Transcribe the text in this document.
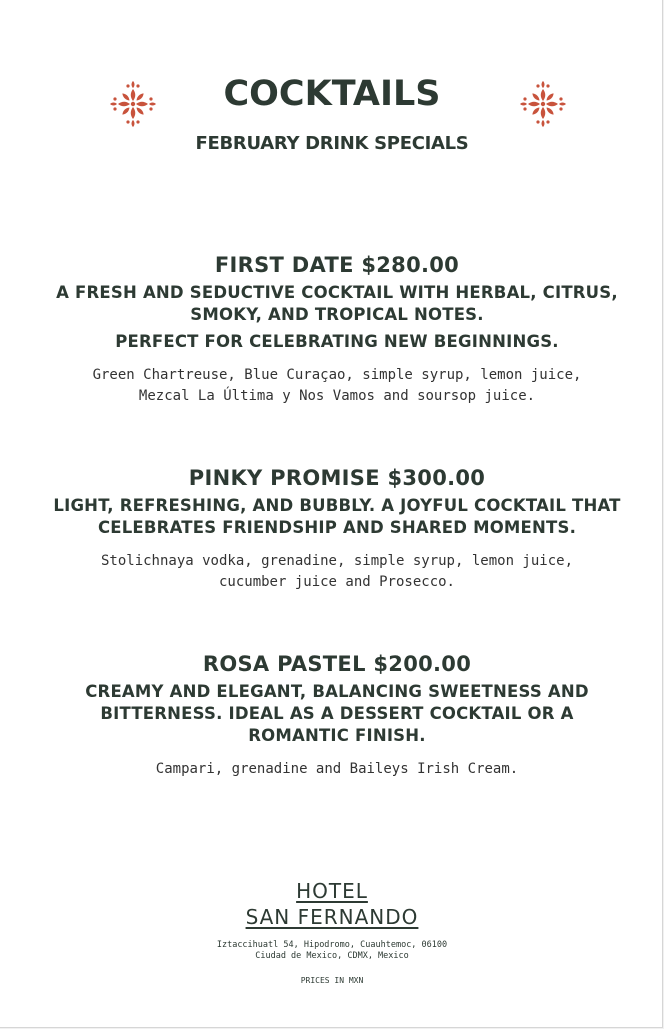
COCKTAILS
FEBRUARY DRINK SPECIALS
FIRST DATE $280.00
A FRESH AND SEDUCTIVE COCKTAIL WITH HERBAL, CITRUS, SMOKY, AND TROPICAL NOTES.
PERFECT FOR CELEBRATING NEW BEGINNINGS.
Green Chartreuse, Blue Curaçao, simple syrup, lemon juice, Mezcal La Última y Nos Vamos and soursop juice.
PINKY PROMISE $300.00
LIGHT, REFRESHING, AND BUBBLY. A JOYFUL COCKTAIL THAT CELEBRATES FRIENDSHIP AND SHARED MOMENTS.
Stolichnaya vodka, grenadine, simple syrup, lemon juice, cucumber juice and Prosecco.
ROSA PASTEL $200.00
CREAMY AND ELEGANT, BALANCING SWEETNESS AND BITTERNESS. IDEAL AS A DESSERT COCKTAIL OR A ROMANTIC FINISH.
Campari, grenadine and Baileys Irish Cream.
HOTEL
SAN FERNANDO
Iztaccihuatl 54, Hipodromo, Cuauhtemoc, 06100
Ciudad de Mexico, CDMX, Mexico
PRICES IN MXN
